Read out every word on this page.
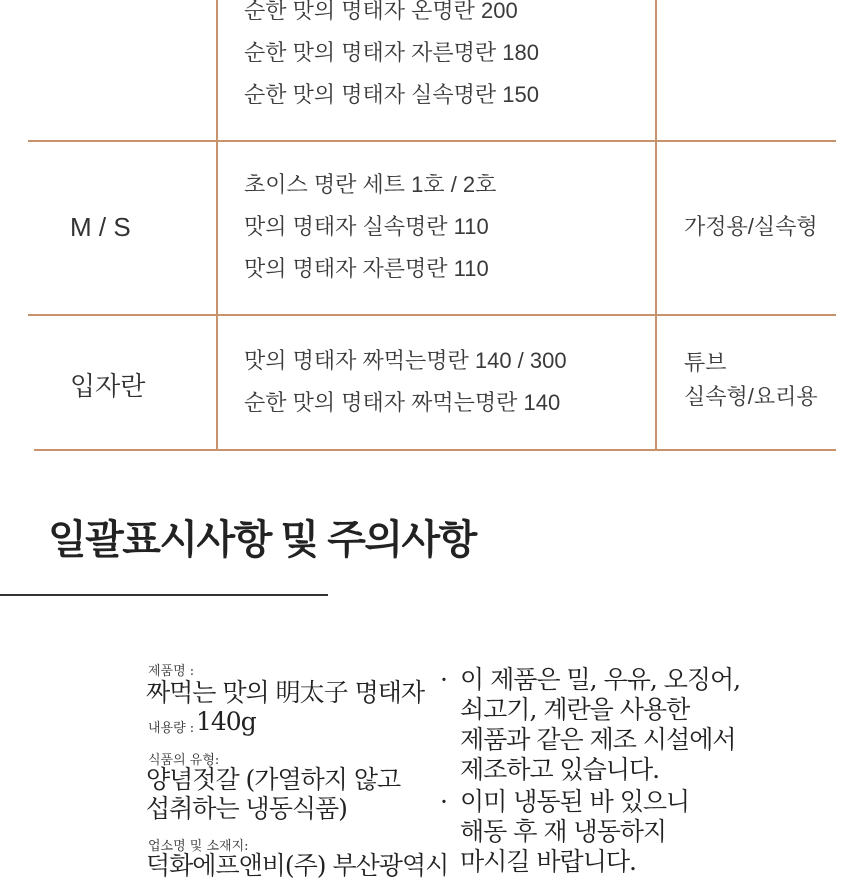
순한 맛의 명태자 온명란 200
순한 맛의 명태자 자른명란 180
순한 맛의 명태자 실속명란 150
M / S
초이스 명란 세트 1호 / 2호
맛의 명태자 실속명란 110
맛의 명태자 자른명란 110
가정용/실속형
입자란
맛의 명태자 짜먹는명란 140 / 300
순한 맛의 명태자 짜먹는명란 140
튜브
실속형/요리용
일괄표시사항 및 주의사항
제품명 :
짜먹는 맛의 明太子 명태자
내용량 : 140g
식품의 유형:
양념젓갈 (가열하지 않고
섭취하는 냉동식품)
업소명 및 소재지:
덕화에프앤비(주) 부산광역시
· 이 제품은 밀, 우유, 오징어,
쇠고기, 계란을 사용한
제품과 같은 제조 시설에서
제조하고 있습니다.
· 이미 냉동된 바 있으니
해동 후 재 냉동하지
마시길 바랍니다.
